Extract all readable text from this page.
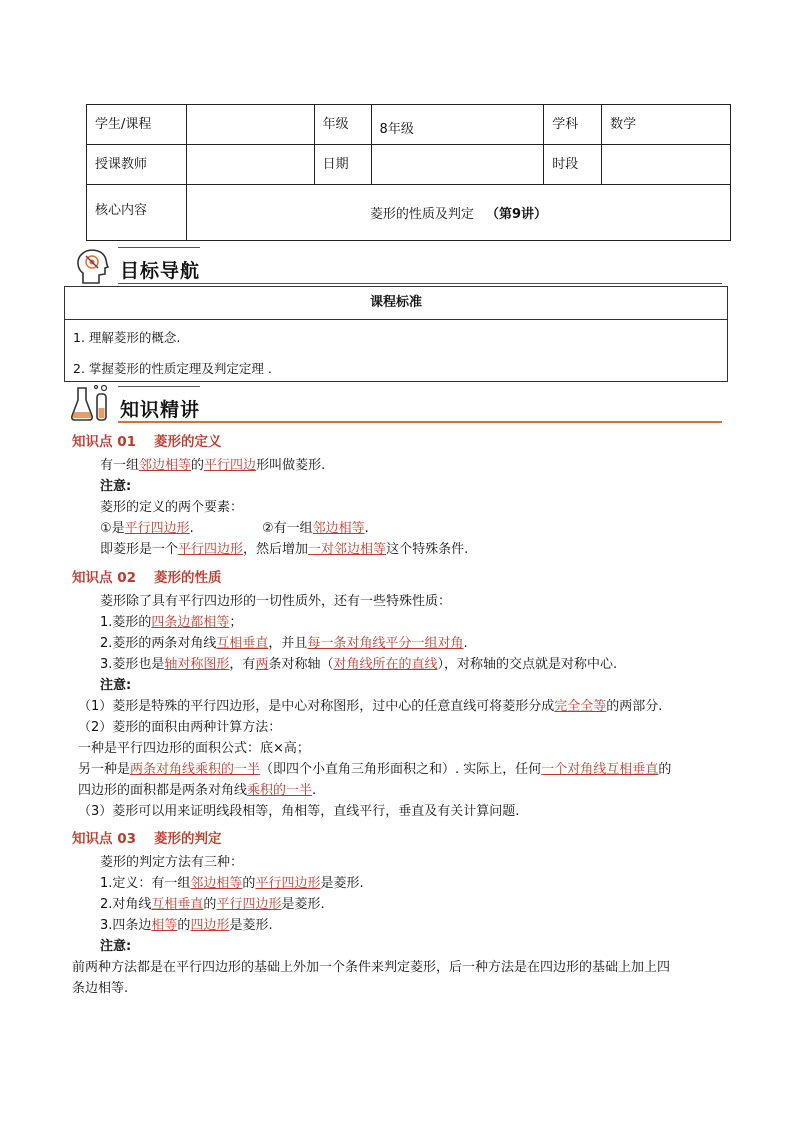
学生/课程		年级	8年级	学科	数学
授课教师		日期		时段	
核心内容	菱形的性质及判定 （第9讲）				
目标导航
课程标准
1. 理解菱形的概念.
2. 掌握菱形的性质定理及判定定理 .
知识精讲
知识点 01 菱形的定义
有一组邻边相等的平行四边形叫做菱形.
注意:
菱形的定义的两个要素：
①是平行四边形.	②有一组邻边相等.
即菱形是一个平行四边形，然后增加一对邻边相等这个特殊条件.
知识点 02 菱形的性质
菱形除了具有平行四边形的一切性质外，还有一些特殊性质：
1.菱形的四条边都相等；
2.菱形的两条对角线互相垂直，并且每一条对角线平分一组对角.
3.菱形也是轴对称图形，有两条对称轴（对角线所在的直线），对称轴的交点就是对称中心.
注意:
（1）菱形是特殊的平行四边形，是中心对称图形，过中心的任意直线可将菱形分成完全全等的两部分.
（2）菱形的面积由两种计算方法：
一种是平行四边形的面积公式：底×高；
另一种是两条对角线乘积的一半（即四个小直角三角形面积之和）. 实际上，任何一个对角线互相垂直的
四边形的面积都是两条对角线乘积的一半.
（3）菱形可以用来证明线段相等，角相等，直线平行，垂直及有关计算问题.
知识点 03 菱形的判定
菱形的判定方法有三种：
1.定义：有一组邻边相等的平行四边形是菱形.
2.对角线互相垂直的平行四边形是菱形.
3.四条边相等的四边形是菱形.
注意:
前两种方法都是在平行四边形的基础上外加一个条件来判定菱形，后一种方法是在四边形的基础上加上四
条边相等.
